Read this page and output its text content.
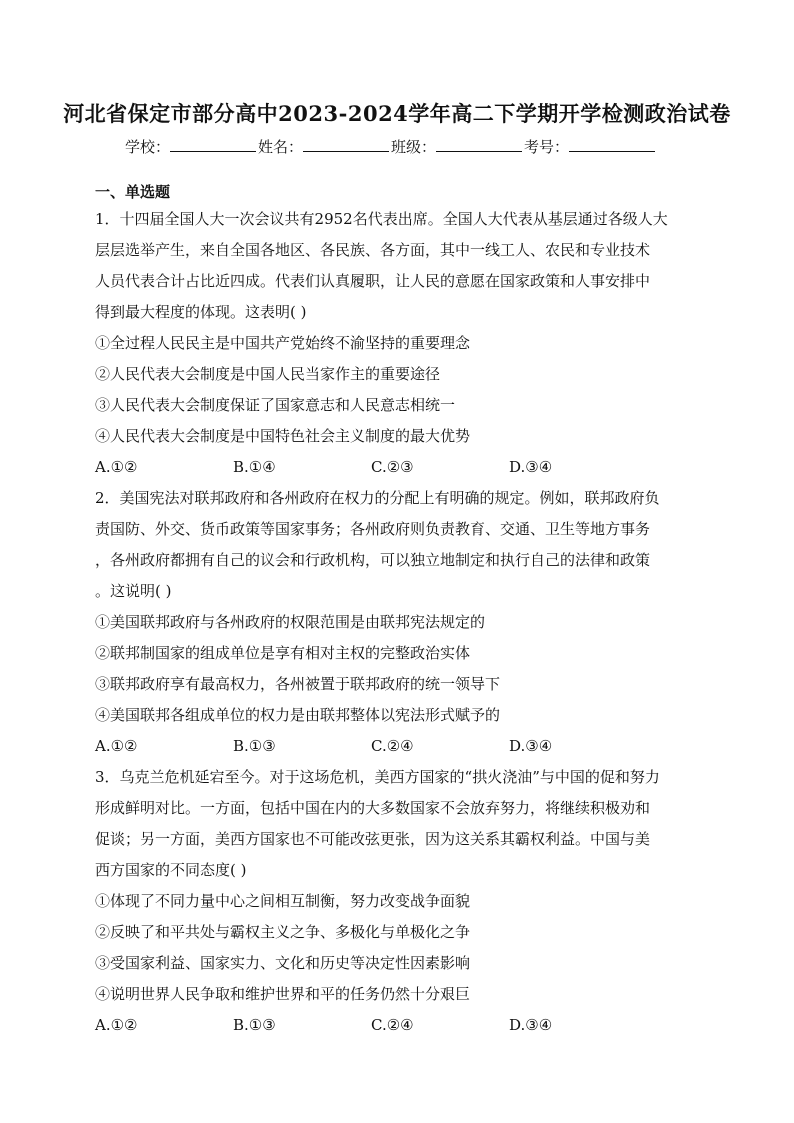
河北省保定市部分高中2023-2024学年高二下学期开学检测政治试卷
学校：	姓名：	班级：	考号：
一、单选题
1．十四届全国人大一次会议共有2952名代表出席。全国人大代表从基层通过各级人大
层层选举产生，来自全国各地区、各民族、各方面，其中一线工人、农民和专业技术
人员代表合计占比近四成。代表们认真履职，让人民的意愿在国家政策和人事安排中
得到最大程度的体现。这表明( )
①全过程人民民主是中国共产党始终不渝坚持的重要理念
②人民代表大会制度是中国人民当家作主的重要途径
③人民代表大会制度保证了国家意志和人民意志相统一
④人民代表大会制度是中国特色社会主义制度的最大优势
A.①②	B.①④	C.②③	D.③④
2．美国宪法对联邦政府和各州政府在权力的分配上有明确的规定。例如，联邦政府负
责国防、外交、货币政策等国家事务；各州政府则负责教育、交通、卫生等地方事务
，各州政府都拥有自己的议会和行政机构，可以独立地制定和执行自己的法律和政策
。这说明( )
①美国联邦政府与各州政府的权限范围是由联邦宪法规定的
②联邦制国家的组成单位是享有相对主权的完整政治实体
③联邦政府享有最高权力，各州被置于联邦政府的统一领导下
④美国联邦各组成单位的权力是由联邦整体以宪法形式赋予的
A.①②	B.①③	C.②④	D.③④
3．乌克兰危机延宕至今。对于这场危机，美西方国家的“拱火浇油”与中国的促和努力
形成鲜明对比。一方面，包括中国在内的大多数国家不会放弃努力，将继续积极劝和
促谈；另一方面，美西方国家也不可能改弦更张，因为这关系其霸权利益。中国与美
西方国家的不同态度( )
①体现了不同力量中心之间相互制衡，努力改变战争面貌
②反映了和平共处与霸权主义之争、多极化与单极化之争
③受国家利益、国家实力、文化和历史等决定性因素影响
④说明世界人民争取和维护世界和平的任务仍然十分艰巨
A.①②	B.①③	C.②④	D.③④
